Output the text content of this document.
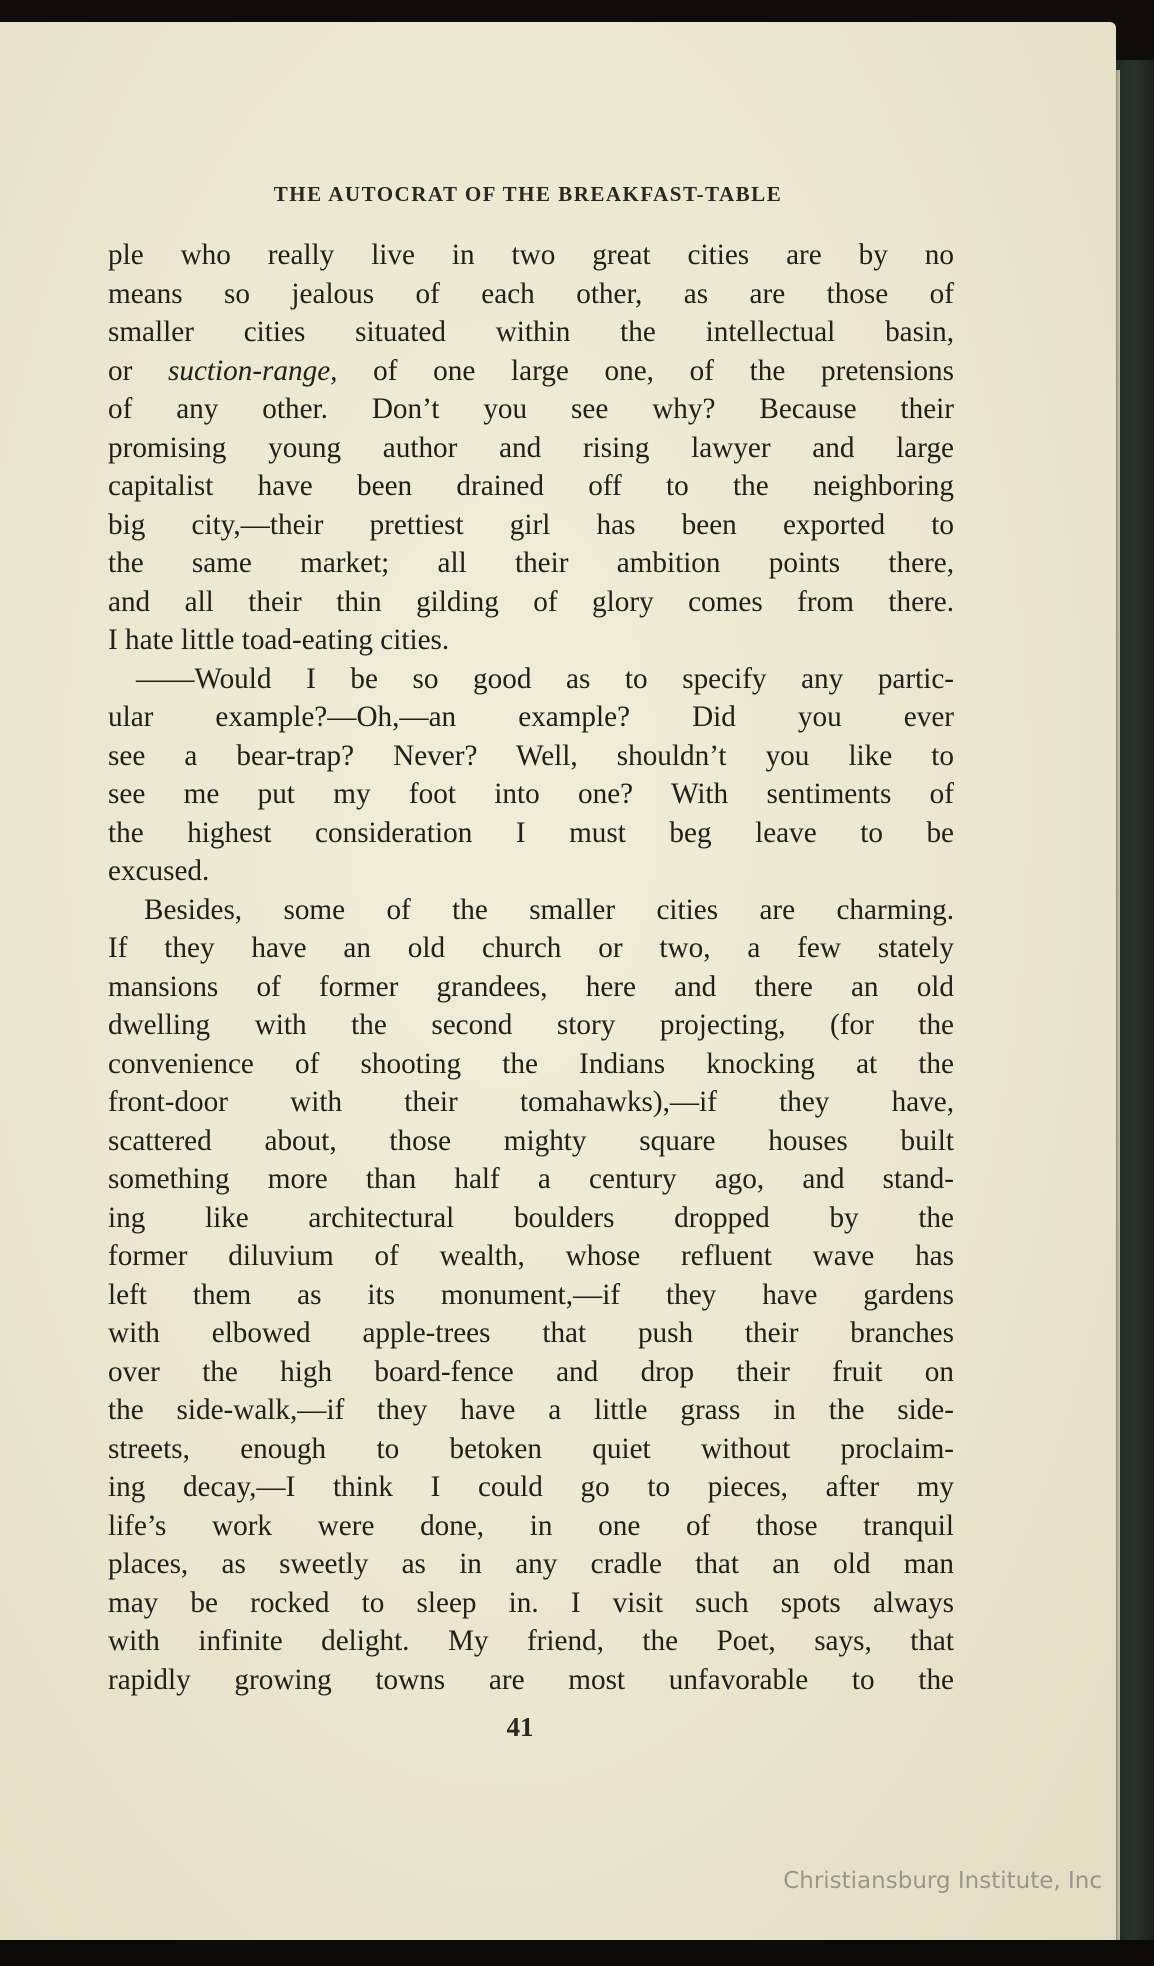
THE AUTOCRAT OF THE BREAKFAST-TABLE
ple who really live in two great cities are by no
means so jealous of each other, as are those of
smaller cities situated within the intellectual basin,
or suction-range, of one large one, of the pretensions
of any other. Don’t you see why? Because their
promising young author and rising lawyer and large
capitalist have been drained off to the neighboring
big city,—their prettiest girl has been exported to
the same market; all their ambition points there,
and all their thin gilding of glory comes from there.
I hate little toad-eating cities.
——Would I be so good as to specify any partic-
ular example?—Oh,—an example? Did you ever
see a bear-trap? Never? Well, shouldn’t you like to
see me put my foot into one? With sentiments of
the highest consideration I must beg leave to be
excused.
Besides, some of the smaller cities are charming.
If they have an old church or two, a few stately
mansions of former grandees, here and there an old
dwelling with the second story projecting, (for the
convenience of shooting the Indians knocking at the
front-door with their tomahawks),—if they have,
scattered about, those mighty square houses built
something more than half a century ago, and stand-
ing like architectural boulders dropped by the
former diluvium of wealth, whose refluent wave has
left them as its monument,—if they have gardens
with elbowed apple-trees that push their branches
over the high board-fence and drop their fruit on
the side-walk,—if they have a little grass in the side-
streets, enough to betoken quiet without proclaim-
ing decay,—I think I could go to pieces, after my
life’s work were done, in one of those tranquil
places, as sweetly as in any cradle that an old man
may be rocked to sleep in. I visit such spots always
with infinite delight. My friend, the Poet, says, that
rapidly growing towns are most unfavorable to the
41
Christiansburg Institute, Inc
